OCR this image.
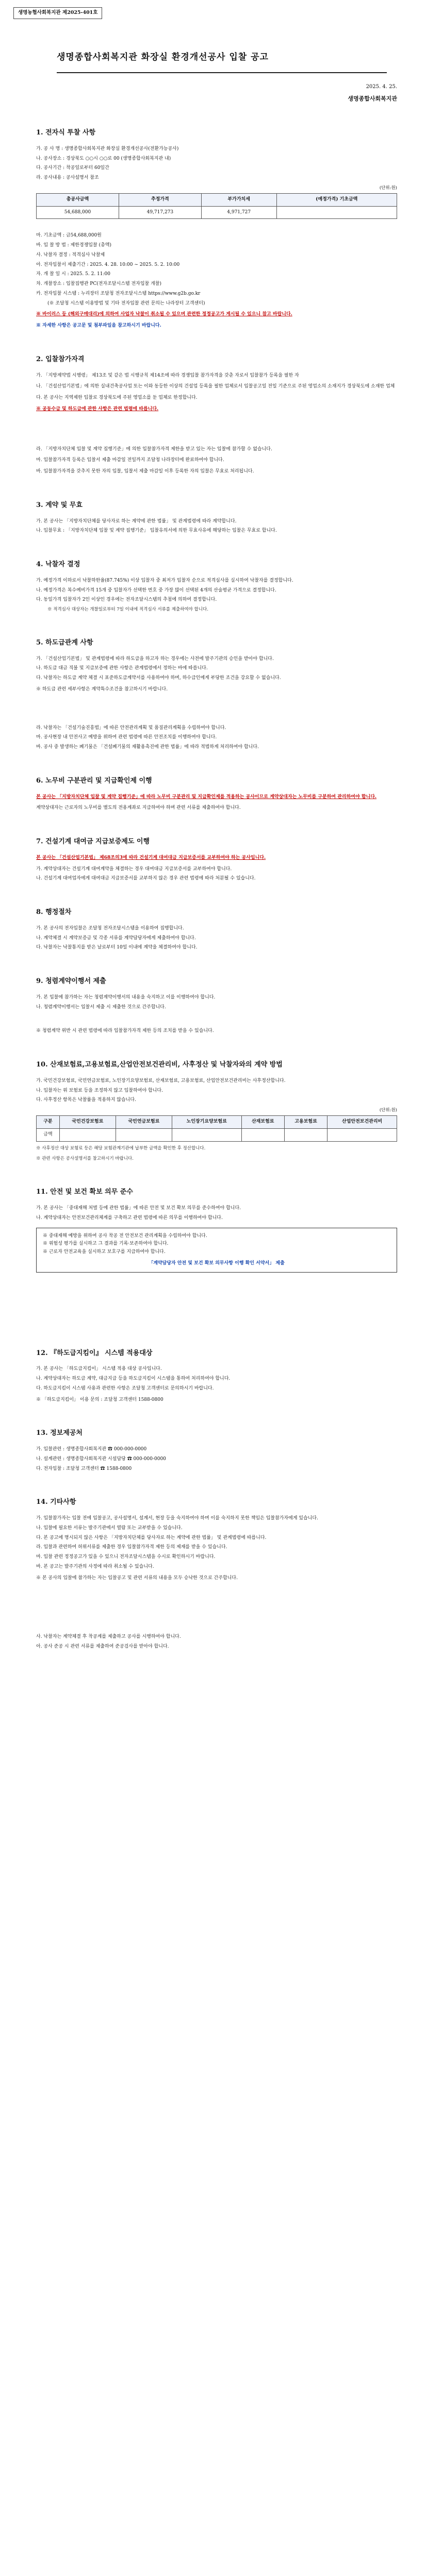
생명농협사회복지관 제2025-401호
생명종합사회복지관 화장실 환경개선공사 입찰 공고
2025. 4. 25.
생명종합사회복지관
1. 전자식 투찰 사항
가. 공 사 명 : 생명종합사회복지관 화장실 환경개선공사(전환가능공사)
나. 공사장소 : 경상북도 ○○시 ○○로 00 (생명종합사회복지관 내)
다. 공사기간 : 착공일로부터 60일간
라. 공사내용 : 공사설명서 참조
(단위:원)
총공사금액	추정가격	부가가치세	(예정가격) 기초금액
54,688,000	49,717,273	4,971,727	
마. 기초금액 : 금54,688,000원
바. 입 찰 방 법 : 제한경쟁입찰 (총액)
사. 낙찰자 결정 : 적격심사 낙찰제
아. 전자입찰서 제출기간 : 2025. 4. 28. 10:00 ~ 2025. 5. 2. 10:00
자. 개 찰 일 시 : 2025. 5. 2. 11:00
차. 개찰장소 : 입찰집행관 PC(전자조달시스템 전자입찰 개찰)
카. 전자입찰 시스템 : 누리장터 조달청 전자조달시스템 https://www.g2b.go.kr
(※ 조달청 시스템 이용방법 및 기타 전자입찰 관련 문의는 나라장터 고객센터)
※ 바이러스 등 (해외구매대리)에 의하여 사업자 낙찰이 취소될 수 있으며 관련한 정정공고가 게시될 수 있으니 참고 바랍니다.
※ 자세한 사항은 공고문 및 첨부파일을 참고하시기 바랍니다.
2. 입찰참가자격
가. 「지방계약법 시행령」 제13조 및 같은 법 시행규칙 제14조에 따라 경쟁입찰 참가자격을 갖춘 자로서 입찰참가 등록을 필한 자
나. 「건설산업기본법」에 의한 실내건축공사업 또는 이와 동등한 이상의 건설업 등록을 필한 업체로서 입찰공고일 전일 기준으로 주된 영업소의 소재지가 경상북도에 소재한 업체
다. 본 공사는 지역제한 입찰로 경상북도에 주된 영업소를 둔 업체로 한정합니다.
※ 공동수급 및 하도급에 관한 사항은 관련 법령에 따릅니다.
라. 「지방자치단체 입찰 및 계약 집행기준」에 의한 입찰참가자격 제한을 받고 있는 자는 입찰에 참가할 수 없습니다.
마. 입찰참가자격 등록은 입찰서 제출 마감일 전일까지 조달청 나라장터에 완료하여야 합니다.
바. 입찰참가자격을 갖추지 못한 자의 입찰, 입찰서 제출 마감일 이후 등록한 자의 입찰은 무효로 처리됩니다.
3. 계약 및 무효
가. 본 공사는 「지방자치단체를 당사자로 하는 계약에 관한 법률」 및 관계법령에 따라 계약합니다.
나. 입찰무효 : 「지방자치단체 입찰 및 계약 집행기준」 입찰유의서에 의한 무효사유에 해당하는 입찰은 무효로 합니다.
4. 낙찰자 결정
가. 예정가격 이하로서 낙찰하한율(87.745%) 이상 입찰자 중 최저가 입찰자 순으로 적격심사를 실시하여 낙찰자를 결정합니다.
나. 예정가격은 복수예비가격 15개 중 입찰자가 선택한 번호 중 가장 많이 선택된 4개의 산술평균 가격으로 결정합니다.
다. 동일가격 입찰자가 2인 이상인 경우에는 전자조달시스템의 추첨에 의하여 결정합니다.
※ 적격심사 대상자는 개찰일로부터 7일 이내에 적격심사 서류를 제출하여야 합니다.
5. 하도급관계 사항
가. 「건설산업기본법」 및 관계법령에 따라 하도급을 하고자 하는 경우에는 사전에 발주기관의 승인을 받아야 합니다.
나. 하도급 대금 직불 및 지급보증에 관한 사항은 관계법령에서 정하는 바에 따릅니다.
다. 낙찰자는 하도급 계약 체결 시 표준하도급계약서를 사용하여야 하며, 하수급인에게 부당한 조건을 강요할 수 없습니다.
※ 하도급 관련 세부사항은 계약특수조건을 참고하시기 바랍니다.
라. 낙찰자는 「건설기술진흥법」에 따른 안전관리계획 및 품질관리계획을 수립하여야 합니다.
마. 공사현장 내 안전사고 예방을 위하여 관련 법령에 따른 안전조치를 이행하여야 합니다.
바. 공사 중 발생하는 폐기물은 「건설폐기물의 재활용촉진에 관한 법률」에 따라 적법하게 처리하여야 합니다.
6. 노무비 구분관리 및 지급확인제 이행
본 공사는 「지방자치단체 입찰 및 계약 집행기준」에 따라 노무비 구분관리 및 지급확인제를 적용하는 공사이므로 계약상대자는 노무비를 구분하여 관리하여야 합니다.
계약상대자는 근로자의 노무비를 별도의 전용계좌로 지급하여야 하며 관련 서류를 제출하여야 합니다.
7. 건설기계 대여금 지급보증제도 이행
본 공사는 「건설산업기본법」 제68조의3에 따라 건설기계 대여대금 지급보증서를 교부하여야 하는 공사입니다.
가. 계약상대자는 건설기계 대여계약을 체결하는 경우 대여대금 지급보증서를 교부하여야 합니다.
나. 건설기계 대여업자에게 대여대금 지급보증서를 교부하지 않은 경우 관련 법령에 따라 처분될 수 있습니다.
8. 행정절차
가. 본 공사의 전자입찰은 조달청 전자조달시스템을 이용하여 집행합니다.
나. 계약체결 시 계약보증금 및 각종 서류를 계약담당자에게 제출하여야 합니다.
다. 낙찰자는 낙찰통지를 받은 날로부터 10일 이내에 계약을 체결하여야 합니다.
9. 청렴계약이행서 제출
가. 본 입찰에 참가하는 자는 청렴계약이행서의 내용을 숙지하고 이를 이행하여야 합니다.
나. 청렴계약이행서는 입찰서 제출 시 제출한 것으로 간주합니다.
※ 청렴계약 위반 시 관련 법령에 따라 입찰참가자격 제한 등의 조치를 받을 수 있습니다.
10. 산재보험료,고용보험료,산업안전보건관리비, 사후정산 및 낙찰자와의 계약 방법
가. 국민건강보험료, 국민연금보험료, 노인장기요양보험료, 산재보험료, 고용보험료, 산업안전보건관리비는 사후정산합니다.
나. 입찰자는 위 보험료 등을 조정하지 않고 입찰하여야 합니다.
다. 사후정산 항목은 낙찰률을 적용하지 않습니다.
(단위:원)
구분	국민건강보험료	국민연금보험료	노인장기요양보험료	산재보험료	고용보험료	산업안전보건관리비
금액						
※ 사후정산 대상 보험료 등은 해당 보험관계기관에 납부한 금액을 확인한 후 정산합니다.
※ 관련 사항은 공사설명서를 참고하시기 바랍니다.
11. 안전 및 보건 확보 의무 준수
가. 본 공사는 「중대재해 처벌 등에 관한 법률」에 따른 안전 및 보건 확보 의무를 준수하여야 합니다.
나. 계약상대자는 안전보건관리체계를 구축하고 관련 법령에 따른 의무를 이행하여야 합니다.
※ 중대재해 예방을 위하여 공사 착공 전 안전보건 관리계획을 수립하여야 합니다.
※ 위험성 평가를 실시하고 그 결과를 기록·보존하여야 합니다.
※ 근로자 안전교육을 실시하고 보호구를 지급하여야 합니다.
「계약담당자 안전 및 보건 확보 의무사항 이행 확인 서약서」 제출
12. 『하도급지킴이』 시스템 적용대상
가. 본 공사는 「하도급지킴이」 시스템 적용 대상 공사입니다.
나. 계약상대자는 하도급 계약, 대금지급 등을 하도급지킴이 시스템을 통하여 처리하여야 합니다.
다. 하도급지킴이 시스템 사용과 관련한 사항은 조달청 고객센터로 문의하시기 바랍니다.
※ 「하도급지킴이」 이용 문의 : 조달청 고객센터 1588-0800
13. 정보제공처
가. 입찰관련 : 생명종합사회복지관 ☎ 000-000-0000
나. 설계관련 : 생명종합사회복지관 시설담당 ☎ 000-000-0000
다. 전자입찰 : 조달청 고객센터 ☎ 1588-0800
14. 기타사항
가. 입찰참가자는 입찰 전에 입찰공고, 공사설명서, 설계서, 현장 등을 숙지하여야 하며 이를 숙지하지 못한 책임은 입찰참가자에게 있습니다.
나. 입찰에 필요한 서류는 발주기관에서 열람 또는 교부받을 수 있습니다.
다. 본 공고에 명시되지 않은 사항은 「지방자치단체를 당사자로 하는 계약에 관한 법률」 및 관계법령에 따릅니다.
라. 입찰과 관련하여 허위서류를 제출한 경우 입찰참가자격 제한 등의 제재를 받을 수 있습니다.
마. 입찰 관련 정정공고가 있을 수 있으니 전자조달시스템을 수시로 확인하시기 바랍니다.
바. 본 공고는 발주기관의 사정에 따라 취소될 수 있습니다.
※ 본 공사의 입찰에 참가하는 자는 입찰공고 및 관련 서류의 내용을 모두 승낙한 것으로 간주합니다.
사. 낙찰자는 계약체결 후 착공계를 제출하고 공사를 시행하여야 합니다.
아. 공사 준공 시 관련 서류를 제출하여 준공검사를 받아야 합니다.
